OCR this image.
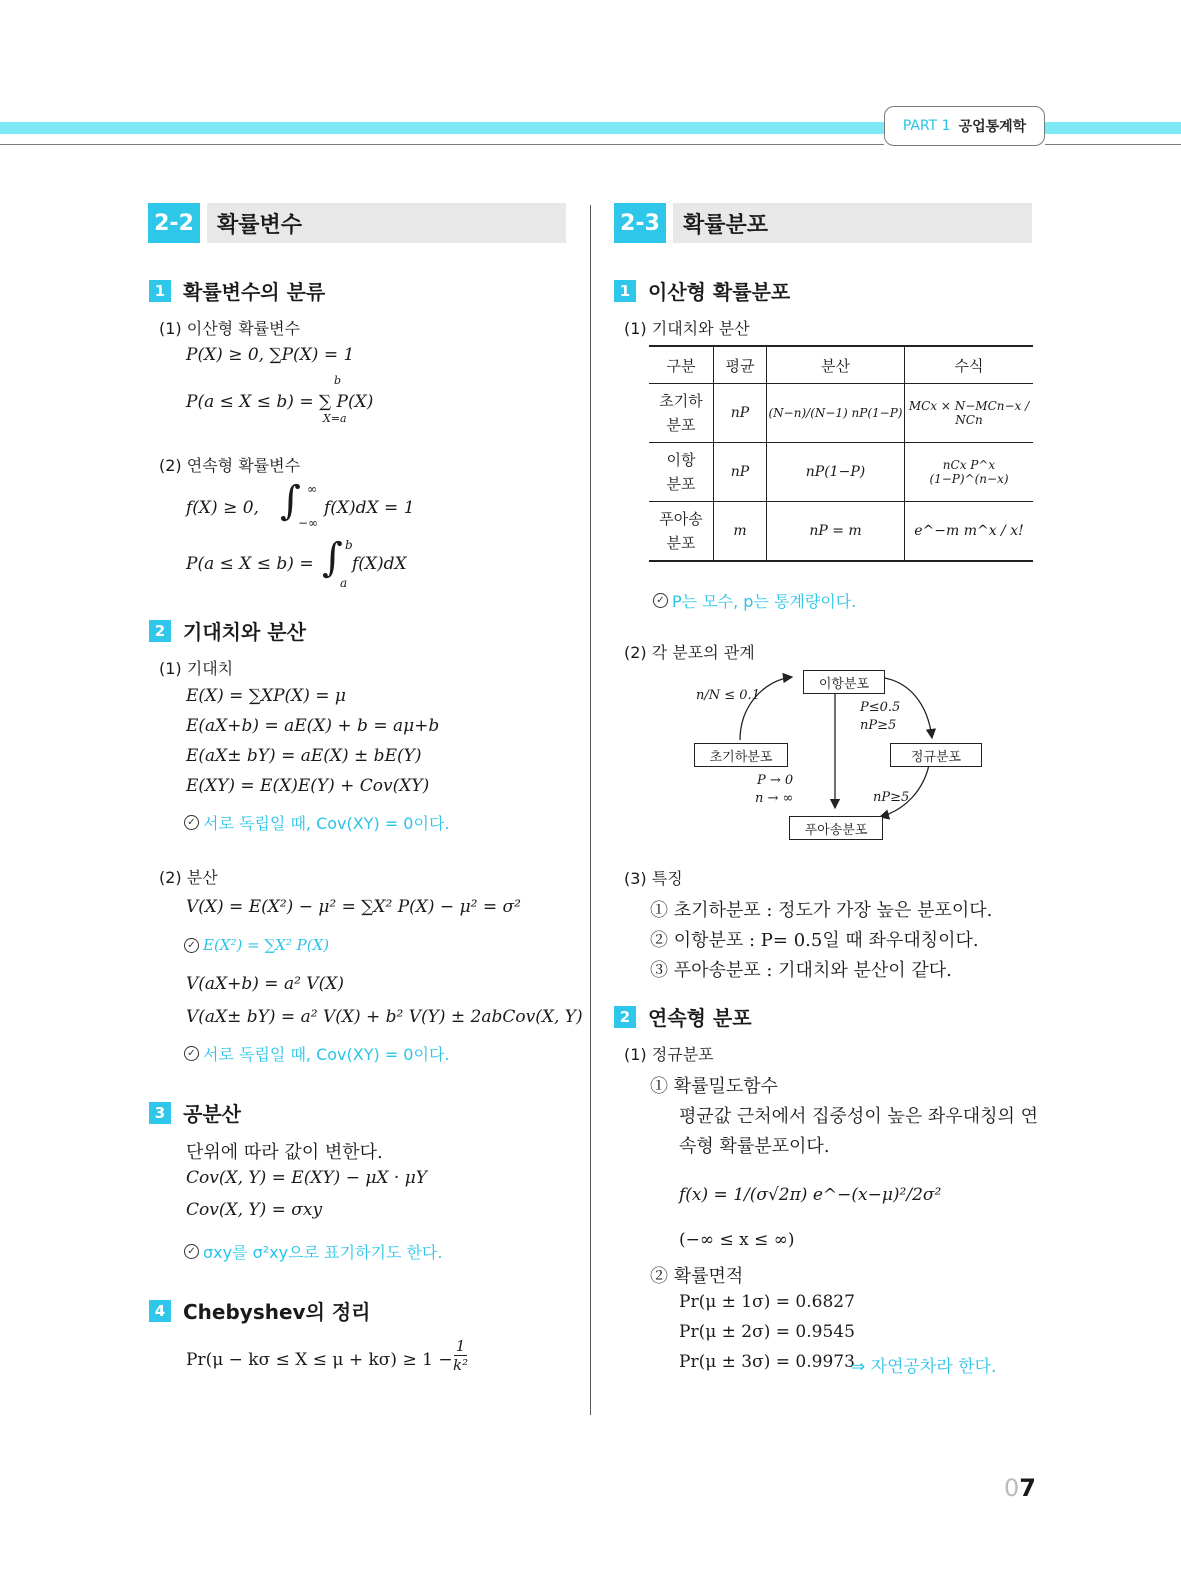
PART 1 공업통계학
2-2	확률변수
1 확률변수의 분류
(1) 이산형 확률변수
P(X) ≥ 0, ∑P(X) = 1
P(a ≤ X ≤ b) = ∑ P(X)
b
X=a
(2) 연속형 확률변수
f(X) ≥ 0, ∫ ∞
−∞
f(X)dX = 1
P(a ≤ X ≤ b) = ∫ b
a
f(X)dX
2 기대치와 분산
(1) 기대치
E(X) = ∑XP(X) = μ
E(aX+b) = aE(X) + b = aμ+b
E(aX± bY) = aE(X) ± bE(Y)
E(XY) = E(X)E(Y) + Cov(XY)
✓ 서로 독립일 때, Cov(XY) = 0이다.
(2) 분산
V(X) = E(X²) − μ² = ∑X² P(X) − μ² = σ²
✓ E(X²) = ∑X² P(X)
V(aX+b) = a² V(X)
V(aX± bY) = a² V(X) + b² V(Y) ± 2abCov(X, Y)
✓ 서로 독립일 때, Cov(XY) = 0이다.
3 공분산
단위에 따라 값이 변한다.
Cov(X, Y) = E(XY) − μX · μY
Cov(X, Y) = σxy
✓ σxy를 σ²xy으로 표기하기도 한다.
4 Chebyshev의 정리
$Pr(\mu - k\sigma \le X \le \mu + k\sigma) \ge 1 - \frac{1}{\text{k²}}$
2-3	확률분포
1 이산형 확률분포
(1) 기대치와 분산
구분	평균	분산	수식
초기하
분포	nP	(N−n)/(N−1) nP(1−P)	MCx × N−MCn−x / NCn
이항
분포	nP	nP(1−P)	nCx P^x (1−P)^(n−x)
푸아송
분포	m	nP = m	e^−m m^x / x!
✓ P는 모수, p는 통계량이다.
(2) 각 분포의 관계
이항분포
초기하분포	정규분포
푸아송분포
n/N ≤ 0.1
P≤0.5
nP≥5
P → 0
n → ∞	nP≥5
(3) 특징
① 초기하분포 : 정도가 가장 높은 분포이다.
② 이항분포 : P= 0.5일 때 좌우대칭이다.
③ 푸아송분포 : 기대치와 분산이 같다.
2 연속형 분포
(1) 정규분포
① 확률밀도함수
평균값 근처에서 집중성이 높은 좌우대칭의 연
속형 확률분포이다.
f(x) = 1/(σ√2π) e^−(x−μ)²/2σ²
(−∞ ≤ x ≤ ∞)
② 확률면적
Pr(μ ± 1σ) = 0.6827
Pr(μ ± 2σ) = 0.9545
Pr(μ ± 3σ) = 0.9973
⇒ 자연공차라 한다.
07
